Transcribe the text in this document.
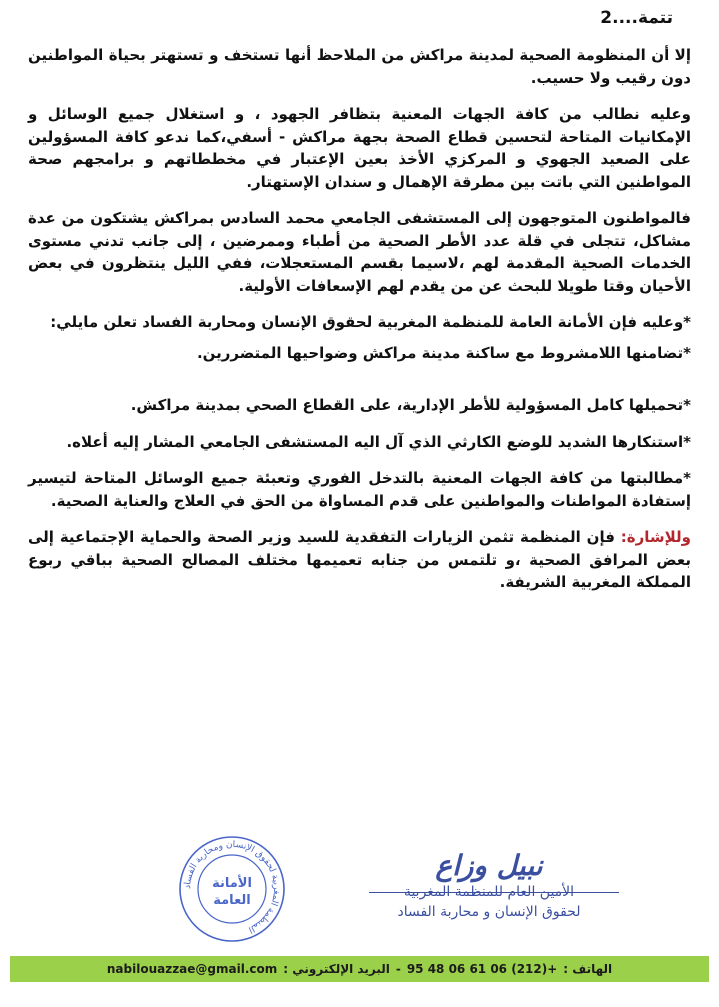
تتمة....2

إلا أن المنظومة الصحية لمدينة مراكش من الملاحظ أنها تستخف و تستهتر بحياة المواطنين دون رقيب ولا حسيب.

وعليه نطالب من كافة الجهات المعنية بتظافر الجهود ، و استغلال جميع الوسائل و الإمكانيات المتاحة لتحسين قطاع الصحة بجهة مراكش - أسفي،كما ندعو كافة المسؤولين على الصعيد الجهوي و المركزي الأخذ بعين الإعتبار في مخططاتهم و برامجهم صحة المواطنين التي باتت بين مطرقة الإهمال و سندان الإستهتار.

فالمواطنون المتوجهون إلى المستشفى الجامعي محمد السادس بمراكش يشتكون من عدة مشاكل، تتجلى في قلة عدد الأطر الصحية من أطباء وممرضين ، إلى جانب تدني مستوى الخدمات الصحية المقدمة لهم ،لاسيما بقسم المستعجلات، ففي الليل ينتظرون في بعض الأحيان وقتا طويلا للبحث عن من يقدم لهم الإسعافات الأولية.

*وعليه فإن الأمانة العامة للمنظمة المغربية لحقوق الإنسان ومحاربة الفساد تعلن مايلي:

*تضامنها اللامشروط مع ساكنة مدينة مراكش وضواحيها المتضررين.

*تحميلها كامل المسؤولية للأطر الإدارية، على القطاع الصحي بمدينة مراكش.

*استنكارها الشديد للوضع الكارثي الذي آل اليه المستشفى الجامعي المشار إليه أعلاه.

*مطالبتها من كافة الجهات المعنية بالتدخل الفوري وتعبئة جميع الوسائل المتاحة لتيسير إستفادة المواطنات والمواطنين على قدم المساواة من الحق في العلاج والعناية الصحية.

وللإشارة: فإن المنظمة تثمن الزيارات التفقدية للسيد وزير الصحة والحماية الإجتماعية إلى بعض المرافق الصحية ،و تلتمس من جنابه تعميمها مختلف المصالح الصحية بباقي ربوع المملكة المغربية الشريفة.

المنظمة المغربية لحقوق الإنسان ومحاربة الفساد
الأمانة
العامة
نبيل وزاع
الأمين العام للمنظمة المغربية
لحقوق الإنسان و محاربة الفساد
الهاتف :
95 48 06 61 06 (212)+
-
البريد الإلكتروني :
nabilouazzae@gmail.com
